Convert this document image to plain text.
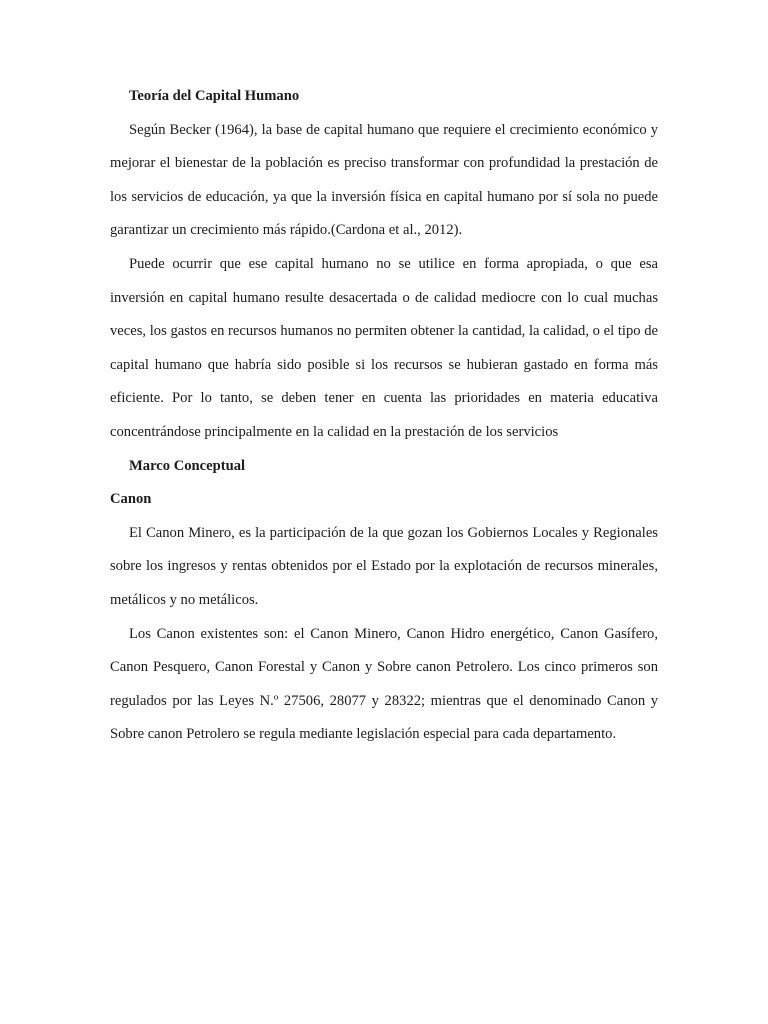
Teoría del Capital Humano

Según Becker (1964), la base de capital humano que requiere el crecimiento económico y mejorar el bienestar de la población es preciso transformar con profundidad la prestación de los servicios de educación, ya que la inversión física en capital humano por sí sola no puede garantizar un crecimiento más rápido.(Cardona et al., 2012).

Puede ocurrir que ese capital humano no se utilice en forma apropiada, o que esa inversión en capital humano resulte desacertada o de calidad mediocre con lo cual muchas veces, los gastos en recursos humanos no permiten obtener la cantidad, la calidad, o el tipo de capital humano que habría sido posible si los recursos se hubieran gastado en forma más eficiente. Por lo tanto, se deben tener en cuenta las prioridades en materia educativa concentrándose principalmente en la calidad en la prestación de los servicios

Marco Conceptual
Canon

El Canon Minero, es la participación de la que gozan los Gobiernos Locales y Regionales sobre los ingresos y rentas obtenidos por el Estado por la explotación de recursos minerales, metálicos y no metálicos.

Los Canon existentes son: el Canon Minero, Canon Hidro energético, Canon Gasífero, Canon Pesquero, Canon Forestal y Canon y Sobre canon Petrolero. Los cinco primeros son regulados por las Leyes N.º 27506, 28077 y 28322; mientras que el denominado Canon y Sobre canon Petrolero se regula mediante legislación especial para cada departamento.
